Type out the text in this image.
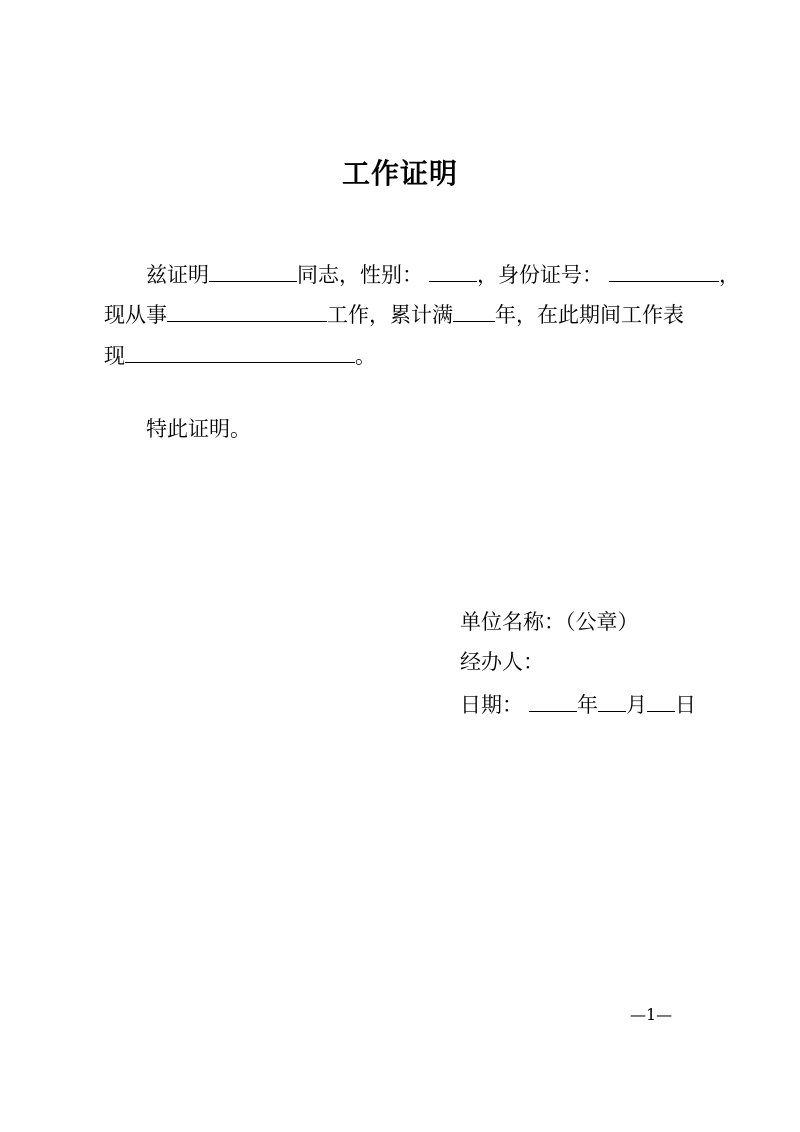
工作证明
兹证明	同志，性别：	，身份证号：	，
现从事	工作，累计满 年，在此期间工作表
现	。
特此证明。
单位名称：（公章）
经办人：
日期：	年 月 日
—1—
